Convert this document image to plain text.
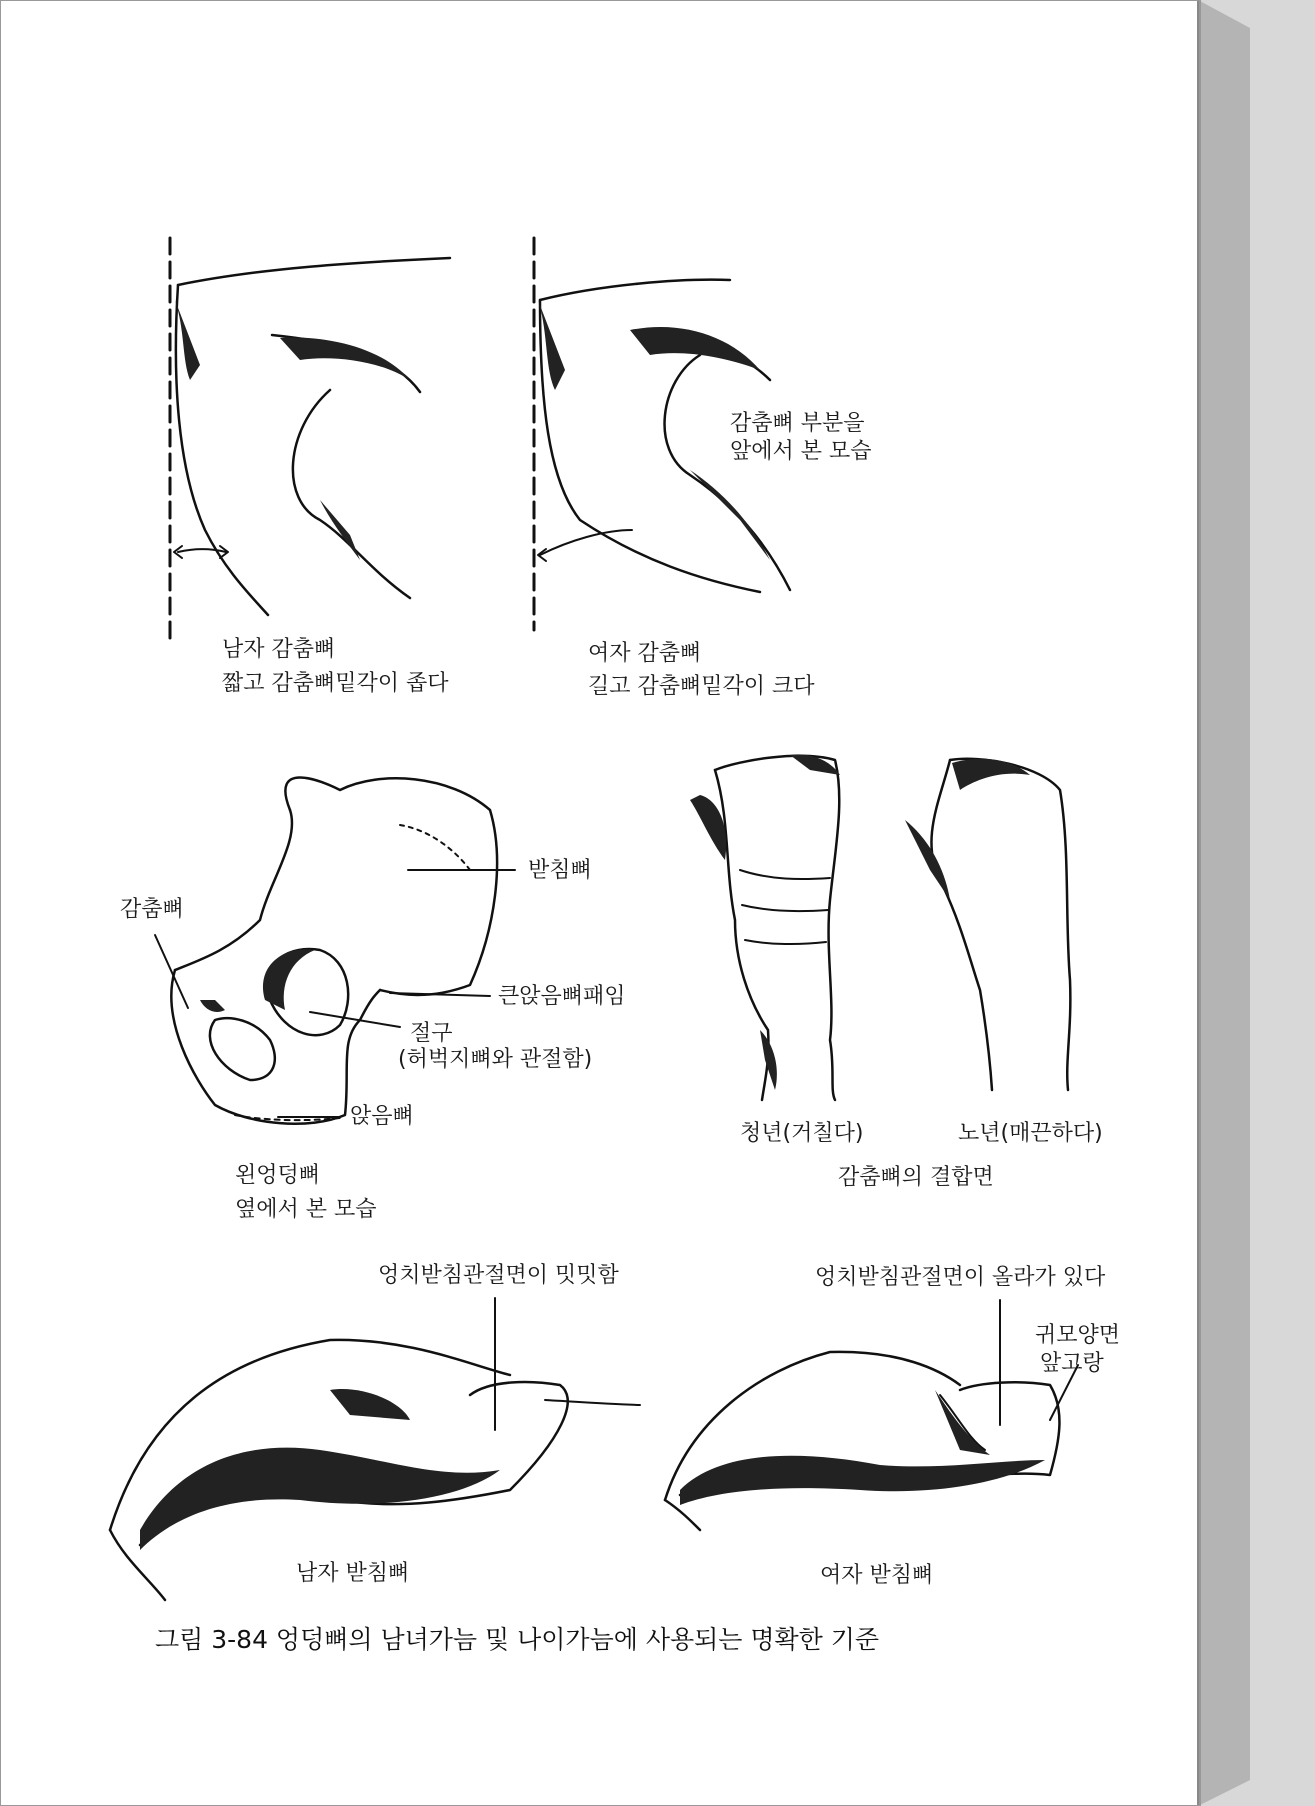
감춤뼈 부분을
앞에서 본 모습
남자 감춤뼈
짧고 감춤뼈밑각이 좁다
여자 감춤뼈
길고 감춤뼈밑각이 크다
받침뼈
감춤뼈
큰앉음뼈패임
절구
(허벅지뼈와 관절함)
앉음뼈
왼엉덩뼈
옆에서 본 모습
청년(거칠다)	노년(매끈하다)
감춤뼈의 결합면
엉치받침관절면이 밋밋함	엉치받침관절면이 올라가 있다
귀모양면
앞고랑
남자 받침뼈	여자 받침뼈
그림 3-84 엉덩뼈의 남녀가늠 및 나이가늠에 사용되는 명확한 기준
